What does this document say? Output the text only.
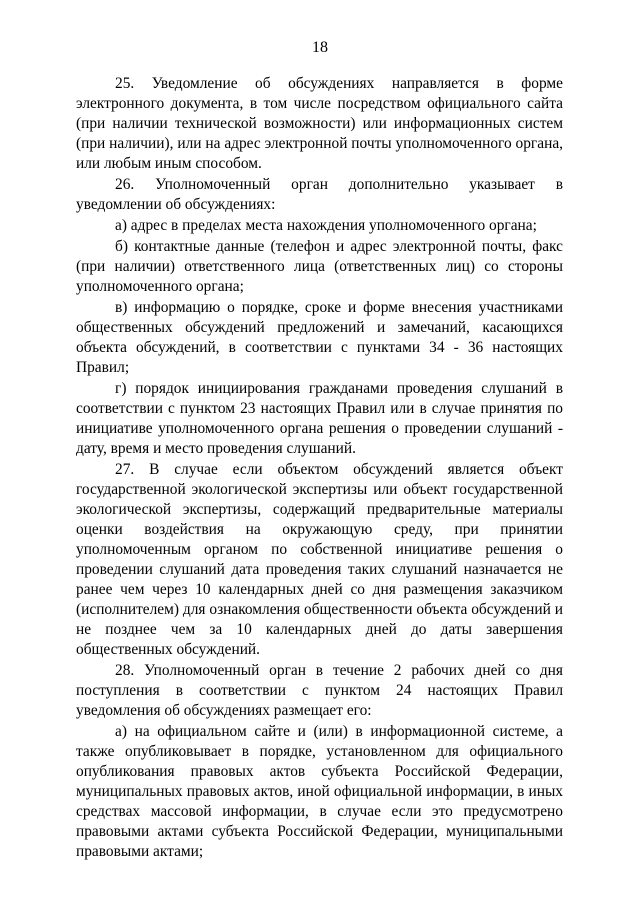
18

25. Уведомление об обсуждениях направляется в форме электронного документа, в том числе посредством официального сайта (при наличии технической возможности) или информационных систем (при наличии), или на адрес электронной почты уполномоченного органа, или любым иным способом.

26. Уполномоченный орган дополнительно указывает в уведомлении об обсуждениях:

а) адрес в пределах места нахождения уполномоченного органа;

б) контактные данные (телефон и адрес электронной почты, факс (при наличии) ответственного лица (ответственных лиц) со стороны уполномоченного органа;

в) информацию о порядке, сроке и форме внесения участниками общественных обсуждений предложений и замечаний, касающихся объекта обсуждений, в соответствии с пунктами 34 - 36 настоящих Правил;

г) порядок инициирования гражданами проведения слушаний в соответствии с пунктом 23 настоящих Правил или в случае принятия по инициативе уполномоченного органа решения о проведении слушаний - дату, время и место проведения слушаний.

27. В случае если объектом обсуждений является объект государственной экологической экспертизы или объект государственной экологической экспертизы, содержащий предварительные материалы оценки воздействия на окружающую среду, при принятии уполномоченным органом по собственной инициативе решения о проведении слушаний дата проведения таких слушаний назначается не ранее чем через 10 календарных дней со дня размещения заказчиком (исполнителем) для ознакомления общественности объекта обсуждений и не позднее чем за 10 календарных дней до даты завершения общественных обсуждений.

28. Уполномоченный орган в течение 2 рабочих дней со дня поступления в соответствии с пунктом 24 настоящих Правил уведомления об обсуждениях размещает его:

а) на официальном сайте и (или) в информационной системе, а также опубликовывает в порядке, установленном для официального опубликования правовых актов субъекта Российской Федерации, муниципальных правовых актов, иной официальной информации, в иных средствах массовой информации, в случае если это предусмотрено правовыми актами субъекта Российской Федерации, муниципальными правовыми актами;
